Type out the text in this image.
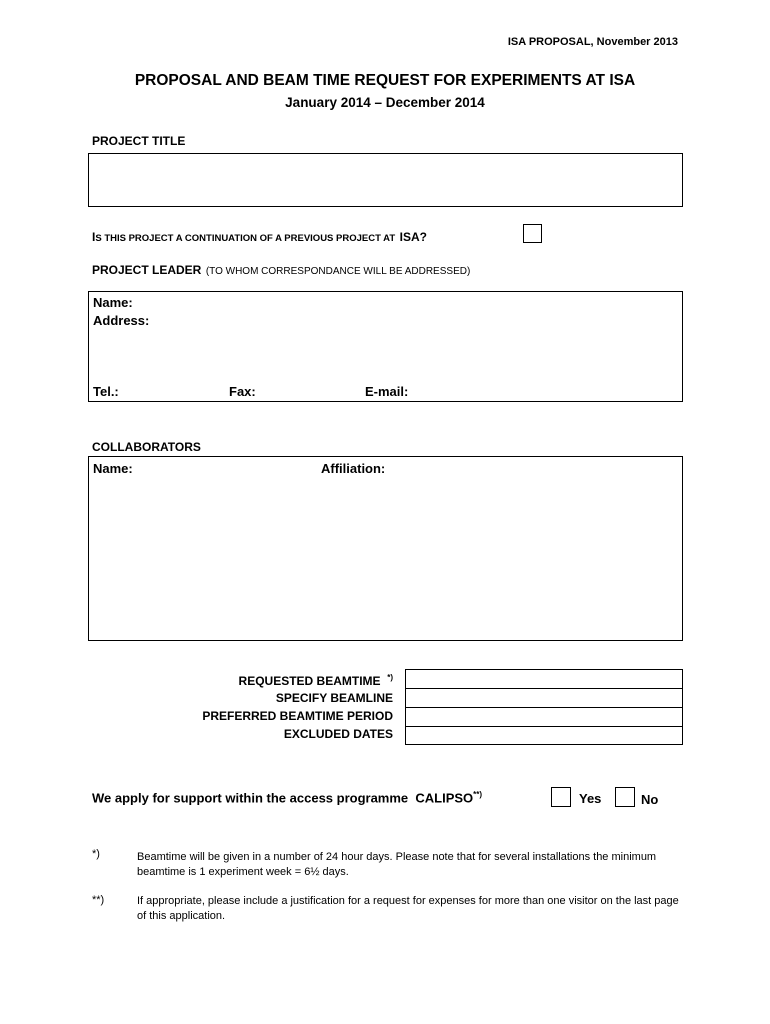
ISA PROPOSAL, November 2013
PROPOSAL AND BEAM TIME REQUEST FOR EXPERIMENTS AT ISA
January 2014 – December 2014
PROJECT TITLE
IS THIS PROJECT A CONTINUATION OF A PREVIOUS PROJECT AT ISA?
PROJECT LEADER (TO WHOM CORRESPONDANCE WILL BE ADDRESSED)
Name:
Address:
Tel.:	Fax:	E-mail:
COLLABORATORS
Name:	Affiliation:
REQUESTED BEAMTIME *)
SPECIFY BEAMLINE
PREFERRED BEAMTIME PERIOD
EXCLUDED DATES
We apply for support within the access programme  CALIPSO**)	Yes	No
*)	Beamtime will be given in a number of 24 hour days. Please note that for several installations the minimum beamtime is 1 experiment week = 6½ days.
**)	If appropriate, please include a justification for a request for expenses for more than one visitor on the last page of this application.
